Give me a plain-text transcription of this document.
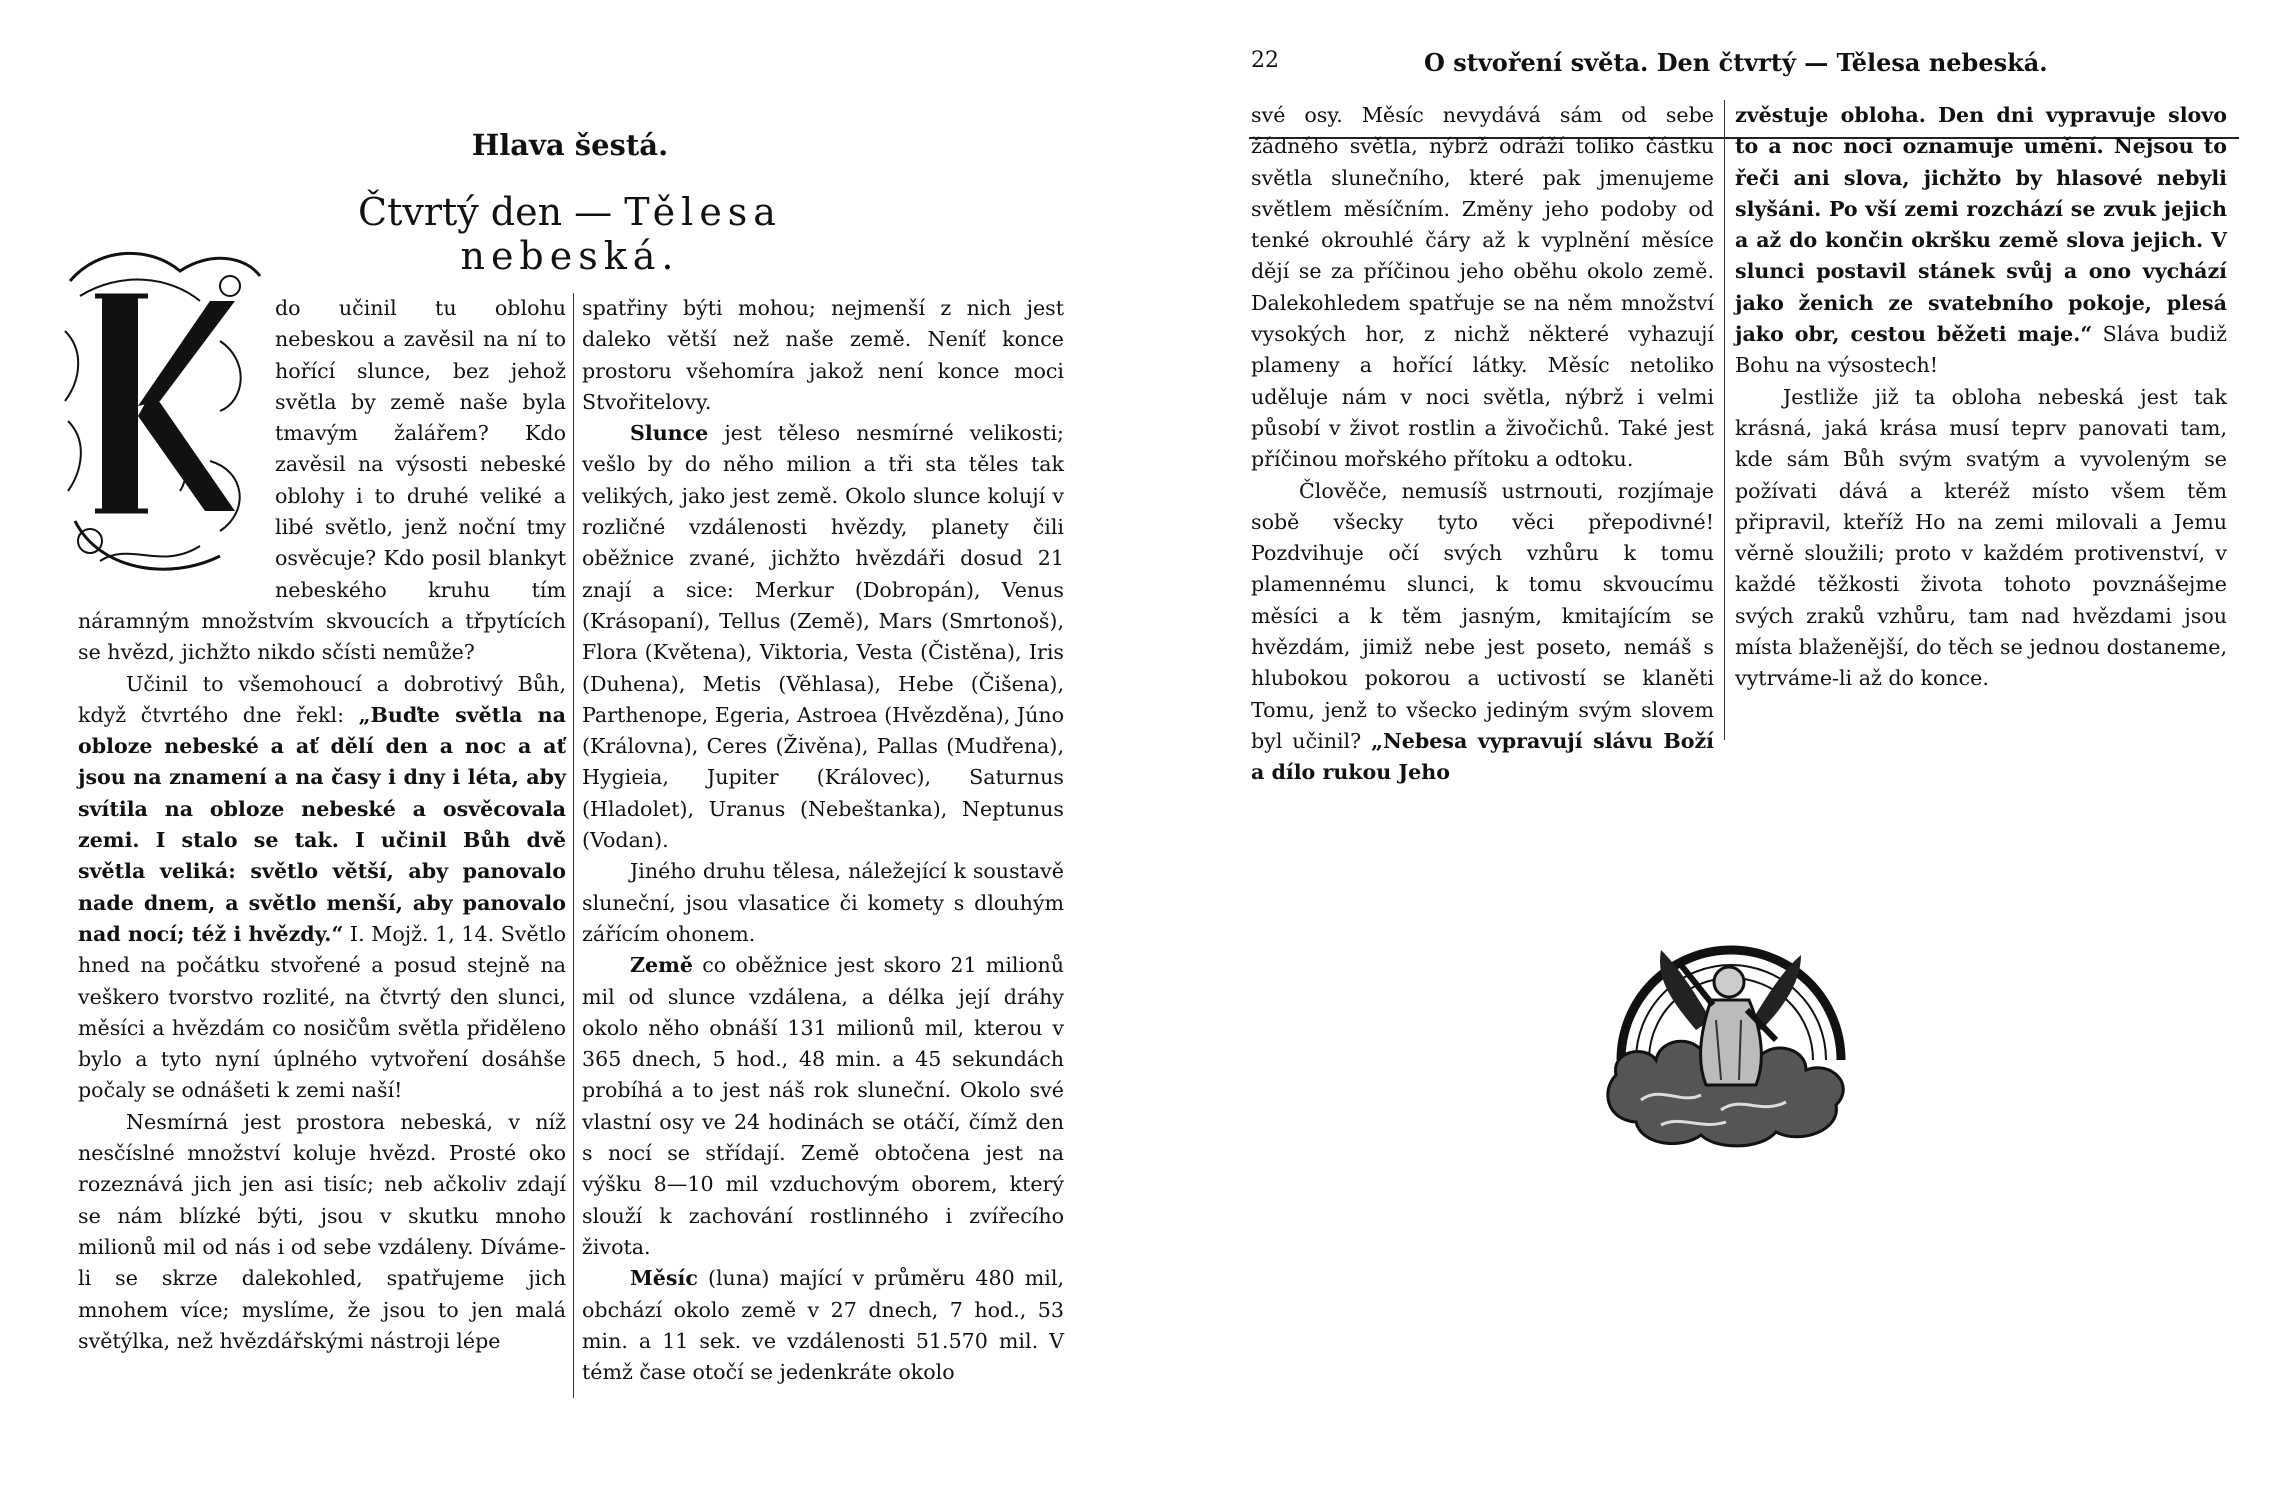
Hlava šestá.
Čtvrtý den — Tělesa nebeská.

do učinil tu oblohu nebeskou a zavěsil na ní to hořící slunce, bez jehož světla by země naše byla tmavým žalářem? Kdo zavěsil na výsosti nebeské oblohy i to druhé veliké a libé světlo, jenž noční tmy osvěcuje? Kdo posil blankyt nebeského kruhu tím náramným množstvím skvoucích a třpytících se hvězd, jichžto nikdo sčísti nemůže?

Učinil to všemohoucí a dobrotivý Bůh, když čtvrtého dne řekl: „Buďte světla na obloze nebeské a ať dělí den a noc a ať jsou na znamení a na časy i dny i léta, aby svítila na obloze nebeské a osvěcovala zemi. I stalo se tak. I učinil Bůh dvě světla veliká: světlo větší, aby panovalo nade dnem, a světlo menší, aby panovalo nad nocí; též i hvězdy.“ I. Mojž. 1, 14. Světlo hned na počátku stvořené a posud stejně na veškero tvorstvo rozlité, na čtvrtý den slunci, měsíci a hvězdám co nosičům světla přiděleno bylo a tyto nyní úplného vytvoření dosáhše počaly se odnášeti k zemi naší!

Nesmírná jest prostora nebeská, v níž nesčíslné množství koluje hvězd. Prosté oko rozeznává jich jen asi tisíc; neb ačkoliv zdají se nám blízké býti, jsou v skutku mnoho milionů mil od nás i od sebe vzdáleny. Díváme-li se skrze dalekohled, spatřujeme jich mnohem více; myslíme, že jsou to jen malá světýlka, než hvězdářskými nástroji lépe

spatřiny býti mohou; nejmenší z nich jest daleko větší než naše země. Neníť konce prostoru všehomíra jakož není konce moci Stvořitelovy.

Slunce jest těleso nesmírné velikosti; vešlo by do něho milion a tři sta těles tak velikých, jako jest země. Okolo slunce kolují v rozličné vzdálenosti hvězdy, planety čili oběžnice zvané, jichžto hvězdáři dosud 21 znají a sice: Merkur (Dobropán), Venus (Krásopaní), Tellus (Země), Mars (Smrtonoš), Flora (Květena), Viktoria, Vesta (Čistěna), Iris (Duhena), Metis (Věhlasa), Hebe (Čišena), Parthenope, Egeria, Astroea (Hvězděna), Júno (Královna), Ceres (Živěna), Pallas (Mudřena), Hygieia, Jupiter (Královec), Saturnus (Hladolet), Uranus (Nebeštanka), Neptunus (Vodan).

Jiného druhu tělesa, náležející k soustavě sluneční, jsou vlasatice či komety s dlouhým zářícím ohonem.

Země co oběžnice jest skoro 21 milionů mil od slunce vzdálena, a délka její dráhy okolo něho obnáší 131 milionů mil, kterou v 365 dnech, 5 hod., 48 min. a 45 sekundách probíhá a to jest náš rok sluneční. Okolo své vlastní osy ve 24 hodinách se otáčí, čímž den s nocí se střídají. Země obtočena jest na výšku 8—10 mil vzduchovým oborem, který slouží k zachování rostlinného i zvířecího života.

Měsíc (luna) mající v průměru 480 mil, obchází okolo země v 27 dnech, 7 hod., 53 min. a 11 sek. ve vzdálenosti 51.570 mil. V témž čase otočí se jedenkráte okolo

22	O stvoření světa. Den čtvrtý — Tělesa nebeská.

své osy. Měsíc nevydává sám od sebe žádného světla, nýbrž odráží toliko částku světla slunečního, které pak jmenujeme světlem měsíčním. Změny jeho podoby od tenké okrouhlé čáry až k vyplnění měsíce dějí se za příčinou jeho oběhu okolo země. Dalekohledem spatřuje se na něm množství vysokých hor, z nichž některé vyhazují plameny a hořící látky. Měsíc netoliko uděluje nám v noci světla, nýbrž i velmi působí v život rostlin a živočichů. Také jest příčinou mořského přítoku a odtoku.

Člověče, nemusíš ustrnouti, rozjímaje sobě všecky tyto věci přepodivné! Pozdvihuje očí svých vzhůru k tomu plamennému slunci, k tomu skvoucímu měsíci a k těm jasným, kmitajícím se hvězdám, jimiž nebe jest poseto, nemáš s hlubokou pokorou a uctivostí se klaněti Tomu, jenž to všecko jediným svým slovem byl učinil? „Nebesa vypravují slávu Boží a dílo rukou Jeho

zvěstuje obloha. Den dni vypravuje slovo to a noc noci oznamuje umění. Nejsou to řeči ani slova, jichžto by hlasové nebyli slyšáni. Po vší zemi rozchází se zvuk jejich a až do končin okršku země slova jejich. V slunci postavil stánek svůj a ono vychází jako ženich ze svatebního pokoje, plesá jako obr, cestou běžeti maje.“ Sláva budiž Bohu na výsostech!

Jestliže již ta obloha nebeská jest tak krásná, jaká krása musí teprv panovati tam, kde sám Bůh svým svatým a vyvoleným se požívati dává a kteréž místo všem těm připravil, kteříž Ho na zemi milovali a Jemu věrně sloužili; proto v každém protivenství, v každé těžkosti života tohoto povznášejme svých zraků vzhůru, tam nad hvězdami jsou místa blaženější, do těch se jednou dostaneme, vytrváme-li až do konce.
